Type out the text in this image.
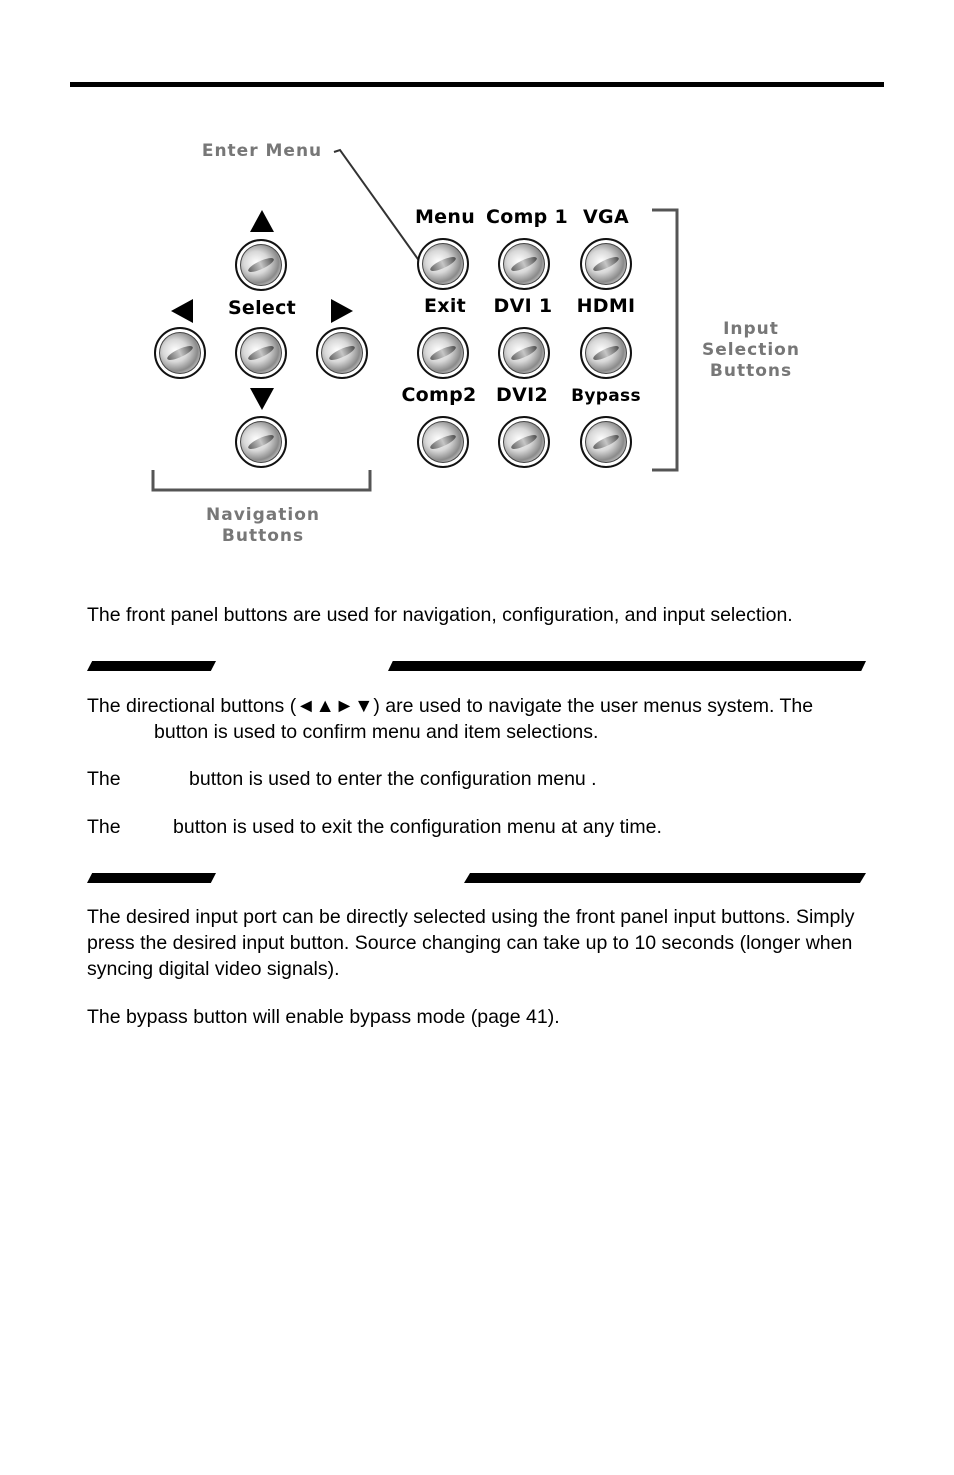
Enter Menu
Select
Navigation
Buttons
Menu Comp 1 VGA
Exit DVI 1 HDMI
Comp2 DVI2 Bypass
Input
Selection
Buttons

The front panel buttons are used for navigation, configuration, and input selection.

The directional buttons (◄▲►▼) are used to navigate the user menus system. The

button is used to confirm menu and item selections.

The	button is used to enter the configuration menu .

The	button is used to exit the configuration menu at any time.

The desired input port can be directly selected using the front panel input buttons. Simply press the desired input button. Source changing can take up to 10 seconds (longer when syncing digital video signals).

The bypass button will enable bypass mode (page 41).
